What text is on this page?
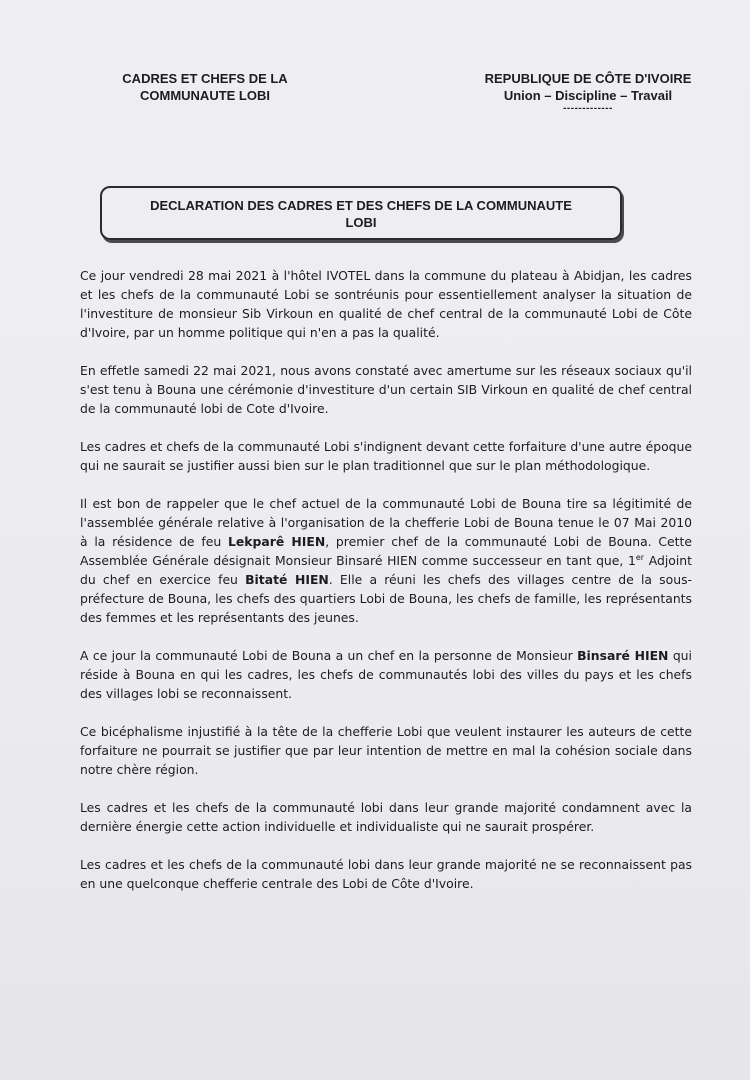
CADRES ET CHEFS DE LA
COMMUNAUTE LOBI
REPUBLIQUE DE CÔTE D'IVOIRE
Union – Discipline – Travail
-------------
DECLARATION DES CADRES ET DES CHEFS DE LA COMMUNAUTE
LOBI

Ce jour vendredi 28 mai 2021 à l'hôtel IVOTEL dans la commune du plateau à Abidjan, les cadres et les chefs de la communauté Lobi se sontréunis pour essentiellement analyser la situation de l'investiture de monsieur Sib Virkoun en qualité de chef central de la communauté Lobi de Côte d'Ivoire, par un homme politique qui n'en a pas la qualité.

En effetle samedi 22 mai 2021, nous avons constaté avec amertume sur les réseaux sociaux qu'il s'est tenu à Bouna une cérémonie d'investiture d'un certain SIB Virkoun en qualité de chef central de la communauté lobi de Cote d'Ivoire.

Les cadres et chefs de la communauté Lobi s'indignent devant cette forfaiture d'une autre époque qui ne saurait se justifier aussi bien sur le plan traditionnel que sur le plan méthodologique.

Il est bon de rappeler que le chef actuel de la communauté Lobi de Bouna tire sa légitimité de l'assemblée générale relative à l'organisation de la chefferie Lobi de Bouna tenue le 07 Mai 2010 à la résidence de feu Lekparê HIEN, premier chef de la communauté Lobi de Bouna. Cette Assemblée Générale désignait Monsieur Binsaré HIEN comme successeur en tant que, 1er Adjoint du chef en exercice feu Bitaté HIEN. Elle a réuni les chefs des villages centre de la sous-préfecture de Bouna, les chefs des quartiers Lobi de Bouna, les chefs de famille, les représentants des femmes et les représentants des jeunes.

A ce jour la communauté Lobi de Bouna a un chef en la personne de Monsieur Binsaré HIEN qui réside à Bouna en qui les cadres, les chefs de communautés lobi des villes du pays et les chefs des villages lobi se reconnaissent.

Ce bicéphalisme injustifié à la tête de la chefferie Lobi que veulent instaurer les auteurs de cette forfaiture ne pourrait se justifier que par leur intention de mettre en mal la cohésion sociale dans notre chère région.

Les cadres et les chefs de la communauté lobi dans leur grande majorité condamnent avec la dernière énergie cette action individuelle et individualiste qui ne saurait prospérer.

Les cadres et les chefs de la communauté lobi dans leur grande majorité ne se reconnaissent pas en une quelconque chefferie centrale des Lobi de Côte d'Ivoire.
